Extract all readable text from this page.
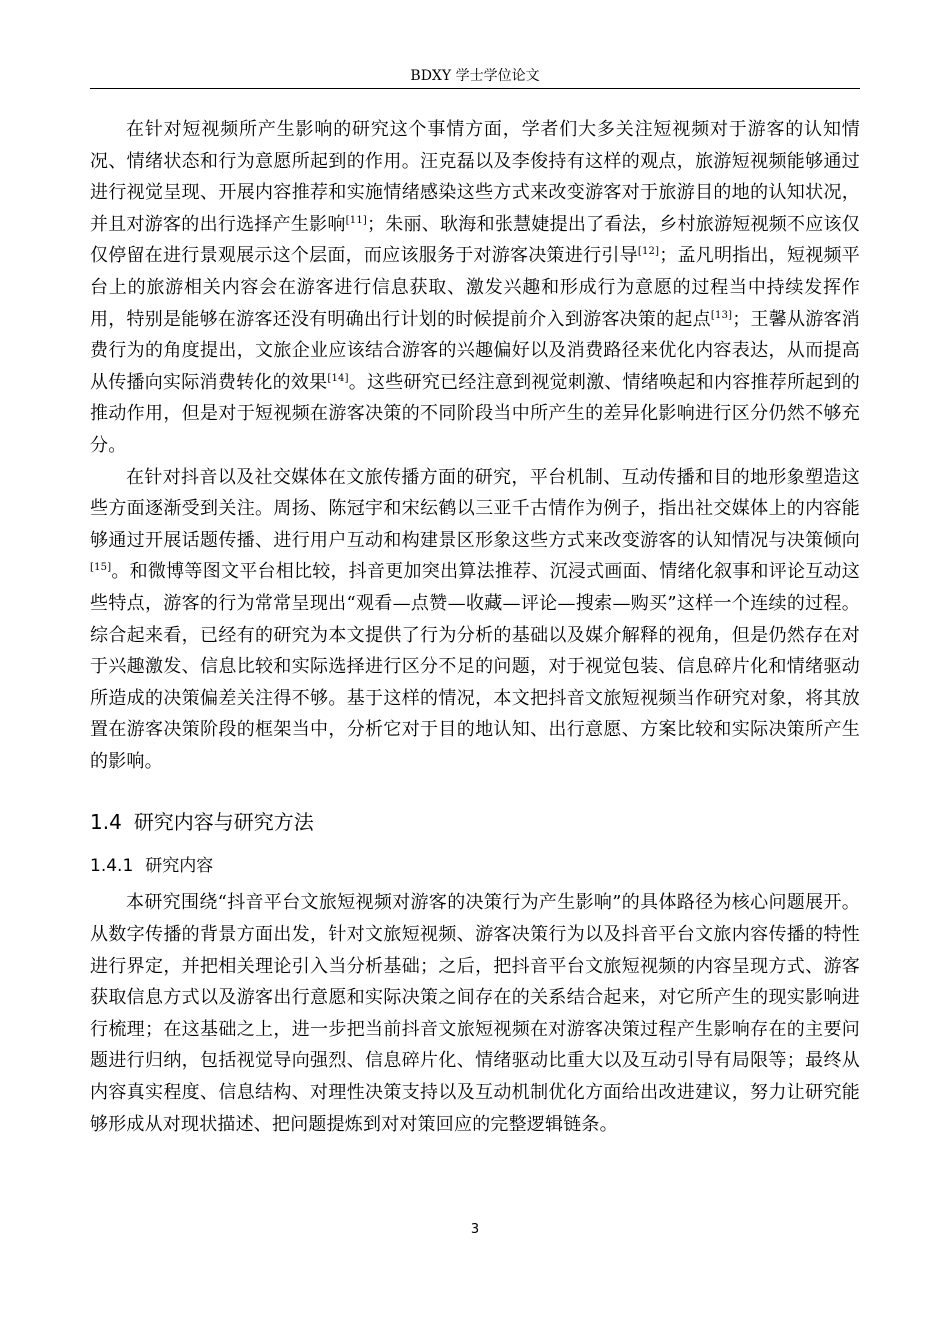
BDXY 学士学位论文

在针对短视频所产生影响的研究这个事情方面，学者们大多关注短视频对于游客的认知情况、情绪状态和行为意愿所起到的作用。汪克磊以及李俊持有这样的观点，旅游短视频能够通过进行视觉呈现、开展内容推荐和实施情绪感染这些方式来改变游客对于旅游目的地的认知状况，并且对游客的出行选择产生影响[11]；朱丽、耿海和张慧婕提出了看法，乡村旅游短视频不应该仅仅停留在进行景观展示这个层面，而应该服务于对游客决策进行引导[12]；孟凡明指出，短视频平台上的旅游相关内容会在游客进行信息获取、激发兴趣和形成行为意愿的过程当中持续发挥作用，特别是能够在游客还没有明确出行计划的时候提前介入到游客决策的起点[13]；王馨从游客消费行为的角度提出，文旅企业应该结合游客的兴趣偏好以及消费路径来优化内容表达，从而提高从传播向实际消费转化的效果[14]。这些研究已经注意到视觉刺激、情绪唤起和内容推荐所起到的推动作用，但是对于短视频在游客决策的不同阶段当中所产生的差异化影响进行区分仍然不够充分。

在针对抖音以及社交媒体在文旅传播方面的研究，平台机制、互动传播和目的地形象塑造这些方面逐渐受到关注。周扬、陈冠宇和宋纭鹤以三亚千古情作为例子，指出社交媒体上的内容能够通过开展话题传播、进行用户互动和构建景区形象这些方式来改变游客的认知情况与决策倾向[15]。和微博等图文平台相比较，抖音更加突出算法推荐、沉浸式画面、情绪化叙事和评论互动这些特点，游客的行为常常呈现出“观看—点赞—收藏—评论—搜索—购买”这样一个连续的过程。综合起来看，已经有的研究为本文提供了行为分析的基础以及媒介解释的视角，但是仍然存在对于兴趣激发、信息比较和实际选择进行区分不足的问题，对于视觉包装、信息碎片化和情绪驱动所造成的决策偏差关注得不够。基于这样的情况，本文把抖音文旅短视频当作研究对象，将其放置在游客决策阶段的框架当中，分析它对于目的地认知、出行意愿、方案比较和实际决策所产生的影响。

1.4 研究内容与研究方法
1.4.1 研究内容

本研究围绕“抖音平台文旅短视频对游客的决策行为产生影响”的具体路径为核心问题展开。从数字传播的背景方面出发，针对文旅短视频、游客决策行为以及抖音平台文旅内容传播的特性进行界定，并把相关理论引入当分析基础；之后，把抖音平台文旅短视频的内容呈现方式、游客获取信息方式以及游客出行意愿和实际决策之间存在的关系结合起来，对它所产生的现实影响进行梳理；在这基础之上，进一步把当前抖音文旅短视频在对游客决策过程产生影响存在的主要问题进行归纳，包括视觉导向强烈、信息碎片化、情绪驱动比重大以及互动引导有局限等；最终从内容真实程度、信息结构、对理性决策支持以及互动机制优化方面给出改进建议，努力让研究能够形成从对现状描述、把问题提炼到对对策回应的完整逻辑链条。

3
